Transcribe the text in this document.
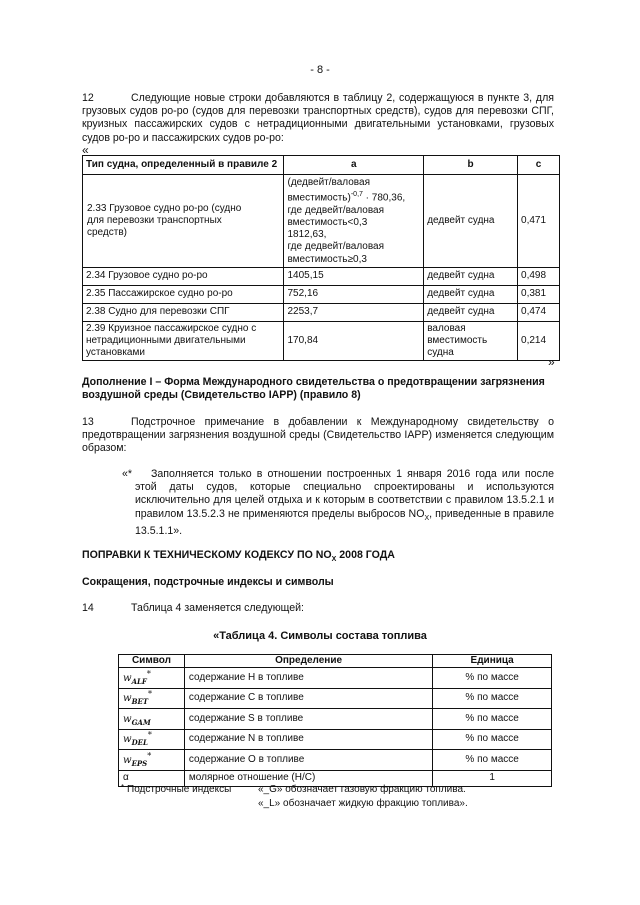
- 8 -
12	Следующие новые строки добавляются в таблицу 2, содержащуюся в пункте 3, для грузовых судов ро-ро (судов для перевозки транспортных средств), судов для перевозки СПГ, круизных пассажирских судов с нетрадиционными двигательными установками, грузовых судов ро-ро и пассажирских судов ро-ро:
«
Тип судна, определенный в правиле 2	a	b	c
2.33 Грузовое судно ро-ро (судно для перевозки транспортных средств)	(дедвейт/валовая вместимость)$^{-0,7}$ · 780,36,
где дедвейт/валовая вместимость<0,3
1812,63,
где дедвейт/валовая вместимость≥0,3	дедвейт судна	0,471
2.34 Грузовое судно ро-ро	1405,15	дедвейт судна	0,498
2.35 Пассажирское судно ро-ро	752,16	дедвейт судна	0,381
2.38 Судно для перевозки СПГ	2253,7	дедвейт судна	0,474
2.39 Круизное пассажирское судно с нетрадиционными двигательными установками	170,84	валовая вместимость судна	0,214
»
Дополнение I – Форма Международного свидетельства о предотвращении загрязнения воздушной среды (Свидетельство IAPP) (правило 8)
13	Подстрочное примечание в добавлении к Международному свидетельству о предотвращении загрязнения воздушной среды (Свидетельство IAPP) изменяется следующим образом:
«*	Заполняется только в отношении построенных 1 января 2016 года или после этой даты судов, которые специально спроектированы и используются исключительно для целей отдыха и к которым в соответствии с правилом 13.5.2.1 и правилом 13.5.2.3 не применяются пределы выбросов $NO_X$, приведенные в правиле 13.5.1.1».
ПОПРАВКИ К ТЕХНИЧЕСКОМУ КОДЕКСУ ПО $NO_X$ 2008 ГОДА
Сокращения, подстрочные индексы и символы
14	Таблица 4 заменяется следующей:
«Таблица 4. Символы состава топлива
Символ	Определение	Единица
$w_{ALF}^*$	содержание H в топливе	% по массе
$w_{BET}^*$	содержание C в топливе	% по массе
$w_{GAM}$	содержание S в топливе	% по массе
$w_{DEL}^*$	содержание N в топливе	% по массе
$w_{EPS}^*$	содержание O в топливе	% по массе
α	молярное отношение (H/C)	1
* Подстрочные индексы	«_G» обозначает газовую фракцию топлива.
«_L» обозначает жидкую фракцию топлива».
